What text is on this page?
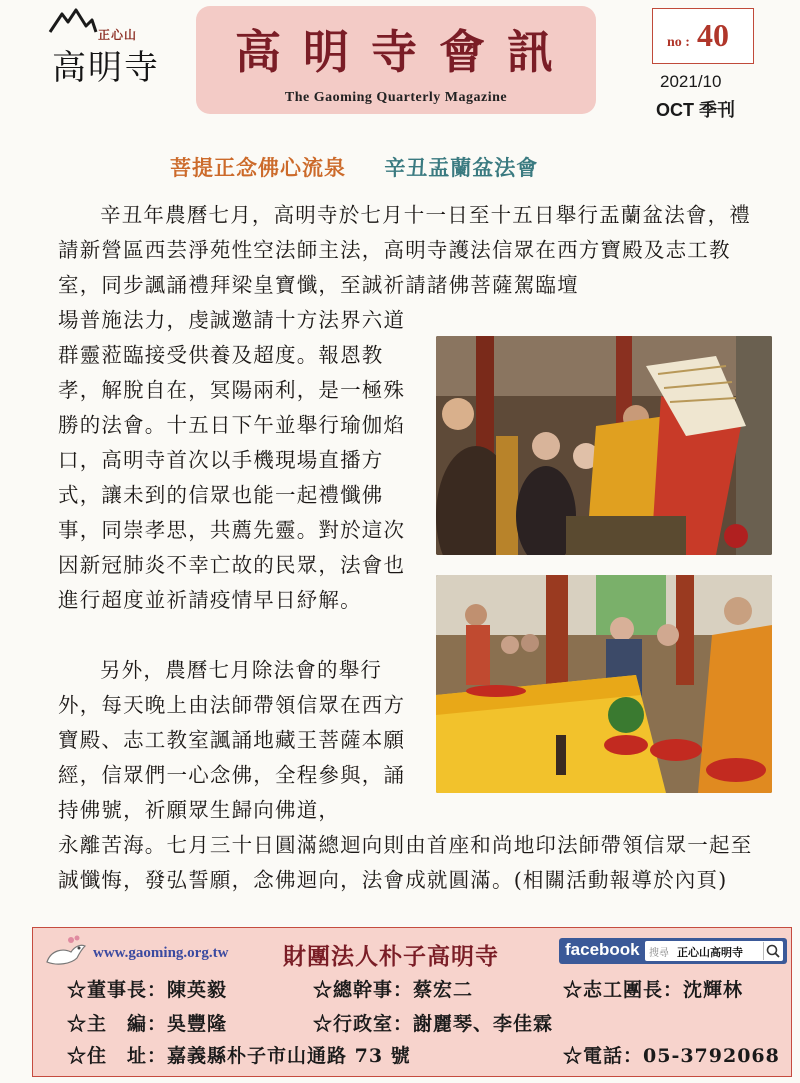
正心山
高明寺	高明寺會訊
The Gaoming Quarterly Magazine
no : 40
2021/10
OCT 季刊
菩提正念佛心流泉 辛丑盂蘭盆法會
辛丑年農曆七月，高明寺於七月十一日至十五日舉行盂蘭盆法會，禮請新營區西芸淨苑性空法師主法，高明寺護法信眾在西方寶殿及志工教室，同步諷誦禮拜梁皇寶懺，至誠祈請諸佛菩薩駕臨壇
場普施法力，虔誠邀請十方法界六道群靈蒞臨接受供養及超度。報恩教孝，解脫自在，冥陽兩利，是一極殊勝的法會。十五日下午並舉行瑜伽焰口，高明寺首次以手機現場直播方式，讓未到的信眾也能一起禮懺佛事，同崇孝思，共薦先靈。對於這次因新冠肺炎不幸亡故的民眾，法會也進行超度並祈請疫情早日紓解。
另外，農曆七月除法會的舉行外，每天晚上由法師帶領信眾在西方寶殿、志工教室諷誦地藏王菩薩本願經，信眾們一心念佛，全程參與，誦持佛號，祈願眾生歸向佛道，
永離苦海。七月三十日圓滿總迴向則由首座和尚地印法師帶領信眾一起至誠懺悔，發弘誓願，念佛迴向，法會成就圓滿。(相關活動報導於內頁)
www.gaoming.org.tw 財團法人朴子高明寺	facebook 搜尋 正心山高明寺
☆董事長：陳英毅	☆總幹事：蔡宏二	☆志工團長：沈輝林
☆主　編：吳豐隆	☆行政室：謝麗琴、李佳霖
☆住　址：嘉義縣朴子市山通路 73 號	☆電話：05-3792068
